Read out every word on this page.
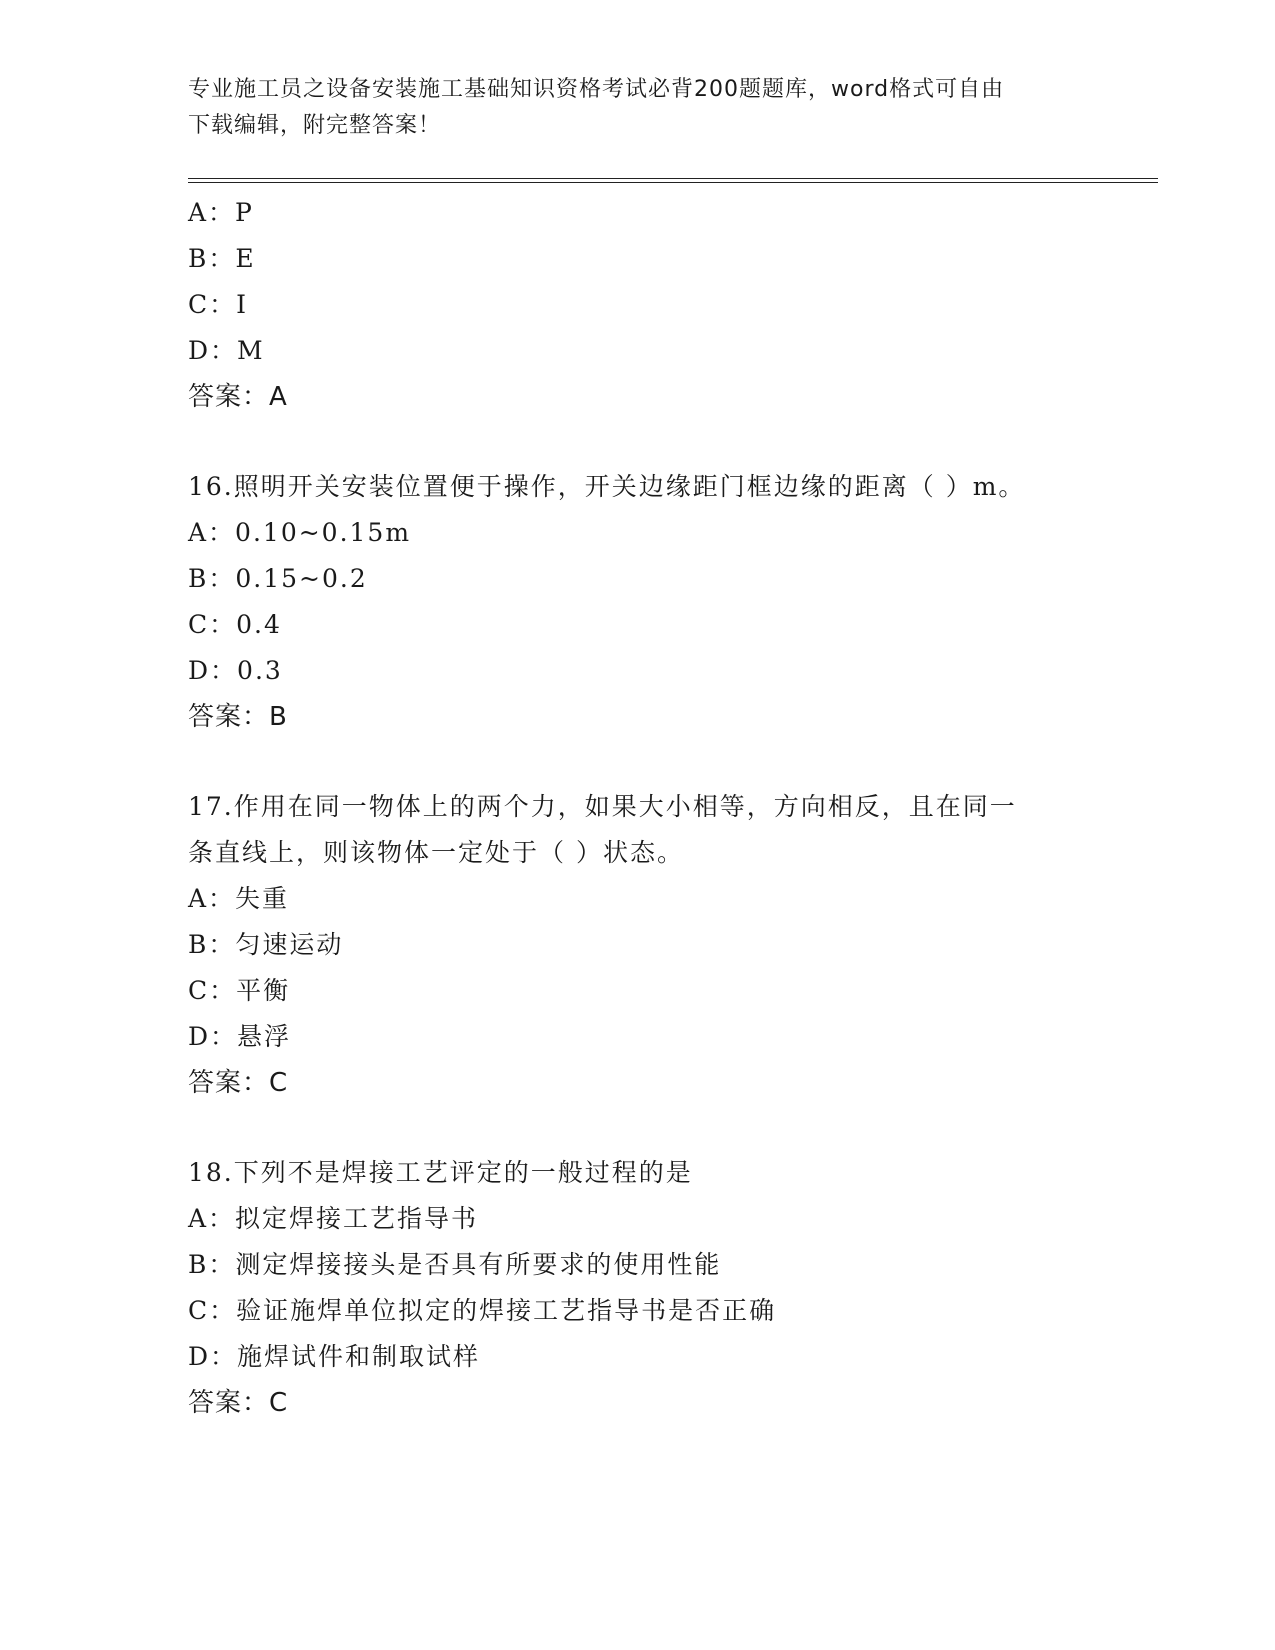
专业施工员之设备安装施工基础知识资格考试必背200题题库，word格式可自由
下载编辑，附完整答案！
A：P
B：E
C：I
D：M
答案：A
16.照明开关安装位置便于操作，开关边缘距门框边缘的距离（ ）m。
A：0.10~0.15m
B：0.15~0.2
C：0.4
D：0.3
答案：B
17.作用在同一物体上的两个力，如果大小相等，方向相反，且在同一
条直线上，则该物体一定处于（ ）状态。
A：失重
B：匀速运动
C：平衡
D：悬浮
答案：C
18.下列不是焊接工艺评定的一般过程的是
A：拟定焊接工艺指导书
B：测定焊接接头是否具有所要求的使用性能
C：验证施焊单位拟定的焊接工艺指导书是否正确
D：施焊试件和制取试样
答案：C
